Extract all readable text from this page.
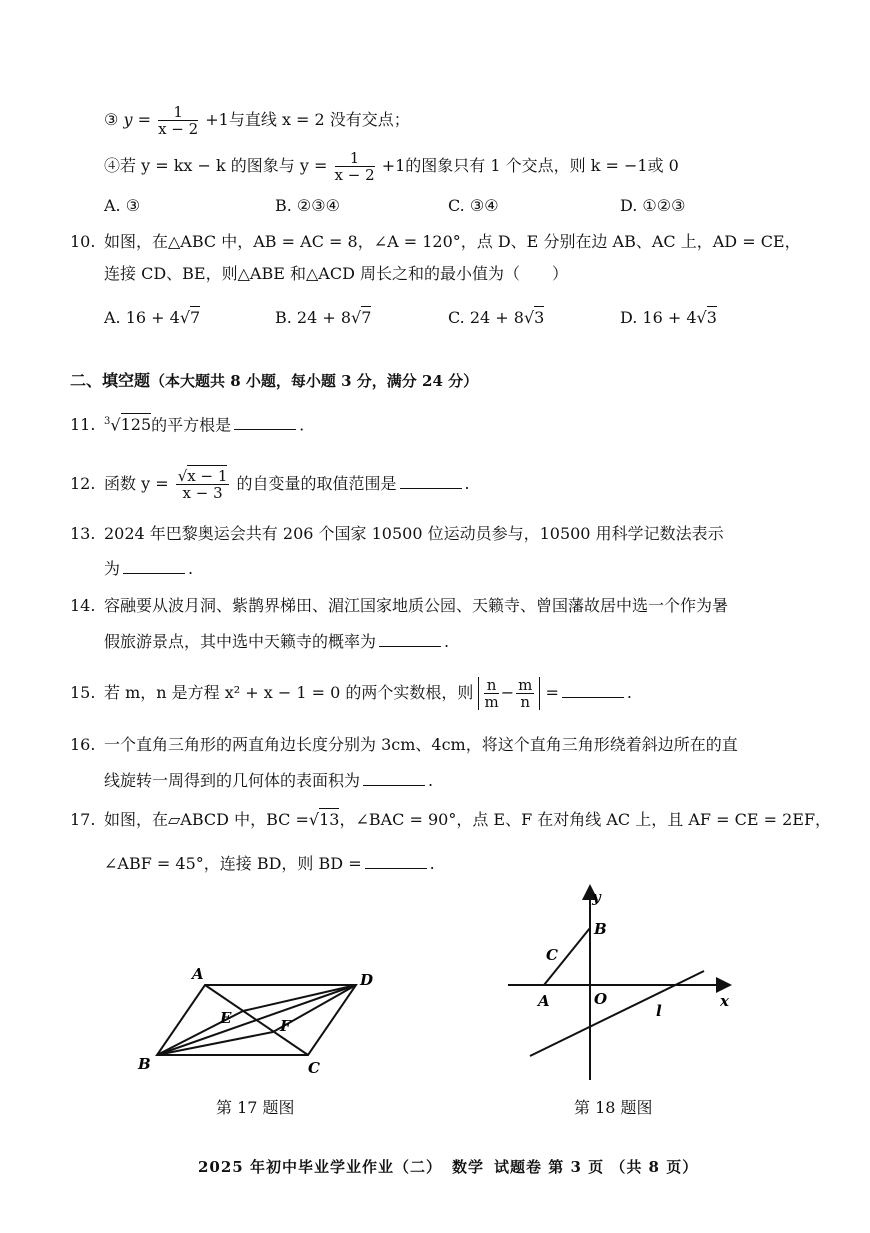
③ $y = \frac{1}{x - 2} +1$与直线 x = 2 没有交点；
④若 y = kx − k 的图象与 $y = \frac{1}{x - 2} +1$的图象只有 1 个交点，则 k = −1或 0
A. ③	B. ②③④	C. ③④	D. ①②③
10. 如图，在△ABC 中，AB = AC = 8，∠A = 120°，点 D、E 分别在边 AB、AC 上，AD = CE，
连接 CD、BE，则△ABE 和△ACD 周长之和的最小值为（　　）
A. 16 + 4√7	B. 24 + 8√7	C. 24 + 8√3	D. 16 + 4√3
二、填空题（本大题共 8 小题，每小题 3 分，满分 24 分）
11. $^3$√125的平方根是	.
12. 函数 $y = \frac{√x - 1}{x - 3}$ 的自变量的取值范围是	.
13. 2024 年巴黎奥运会共有 206 个国家 10500 位运动员参与，10500 用科学记数法表示
为	.
14. 容融要从波月洞、紫鹊界梯田、湄江国家地质公园、天籁寺、曾国藩故居中选一个作为暑
假旅游景点，其中选中天籁寺的概率为	.
15. 若 m，n 是方程 x² + x − 1 = 0 的两个实数根，则 $\frac{n}{m} - \frac{m}{n}$ =	.
16. 一个直角三角形的两直角边长度分别为 3cm、4cm，将这个直角三角形绕着斜边所在的直
线旋转一周得到的几何体的表面积为	.
17. 如图，在▱ABCD 中，BC =√13，∠BAC = 90°，点 E、F 在对角线 AC 上，且 AF = CE = 2EF，
∠ABF = 45°，连接 BD，则 BD =	.
A	D
E	F
B	C
第 17 题图
y
B
C
A	O
l
x
第 18 题图
2025 年初中毕业学业作业（二） 数学 试题卷 第 3 页 （共 8 页）
